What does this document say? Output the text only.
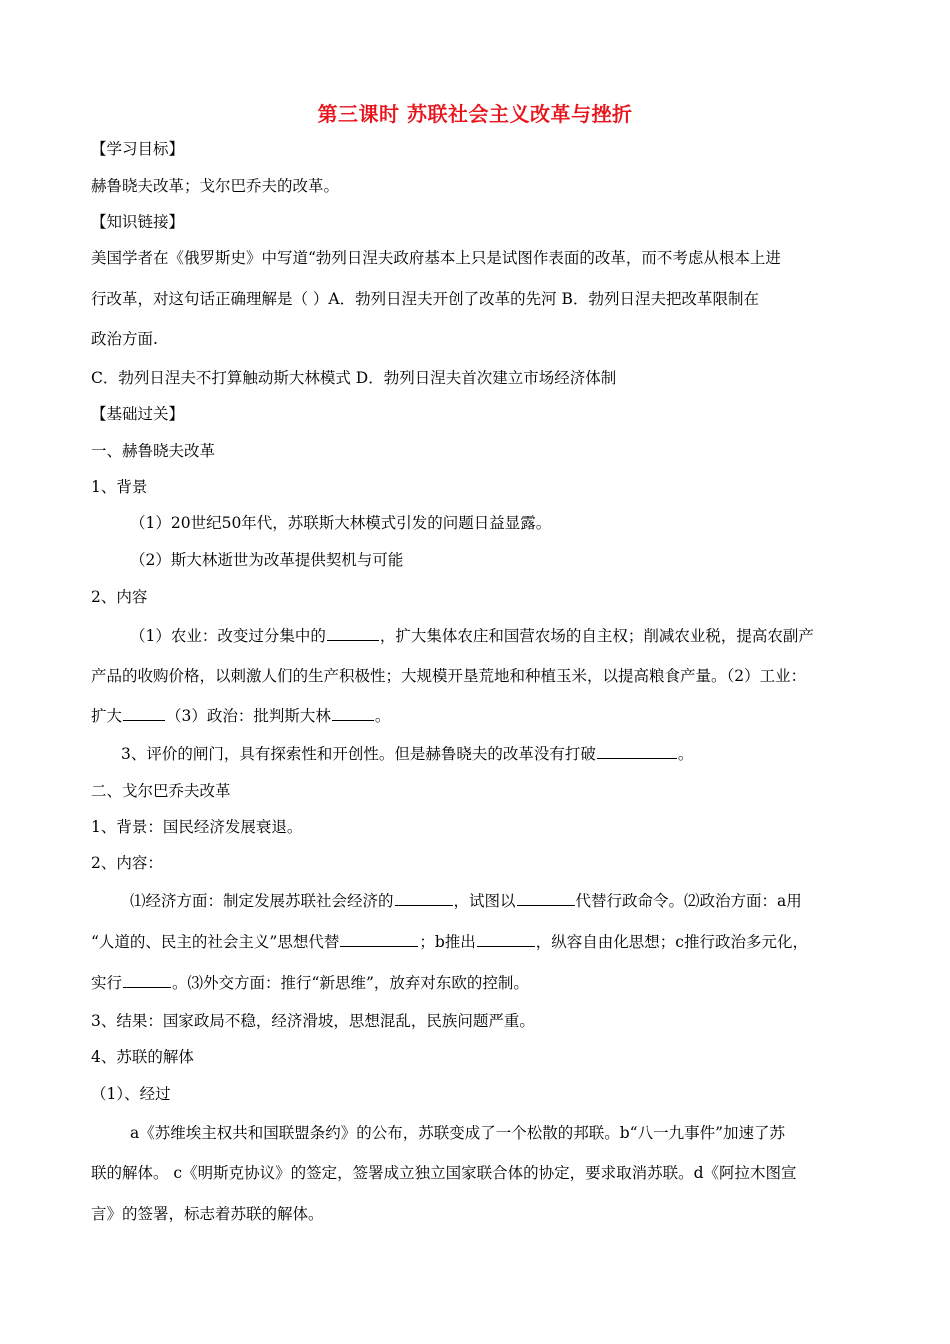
第三课时 苏联社会主义改革与挫折
【学习目标】
赫鲁晓夫改革；戈尔巴乔夫的改革。
【知识链接】
美国学者在《俄罗斯史》中写道“勃列日涅夫政府基本上只是试图作表面的改革，而不考虑从根本上进
行改革，对这句话正确理解是（ ）A．勃列日涅夫开创了改革的先河 B．勃列日涅夫把改革限制在
政治方面.
C．勃列日涅夫不打算触动斯大林模式 D．勃列日涅夫首次建立市场经济体制
【基础过关】
一、赫鲁晓夫改革
1、背景
（1）20世纪50年代，苏联斯大林模式引发的问题日益显露。
（2）斯大林逝世为改革提供契机与可能
2、内容
（1）农业：改变过分集中的	，扩大集体农庄和国营农场的自主权；削减农业税，提高农副产
产品的收购价格，以刺激人们的生产积极性；大规模开垦荒地和种植玉米，以提高粮食产量。（2）工业：
扩大	（3）政治：批判斯大林	。
3、评价的闸门，具有探索性和开创性。但是赫鲁晓夫的改革没有打破	。
二、戈尔巴乔夫改革
1、背景：国民经济发展衰退。
2、内容：
⑴经济方面：制定发展苏联社会经济的	，试图以	代替行政命令。⑵政治方面：a用
“人道的、民主的社会主义”思想代替	；b推出	，纵容自由化思想；c推行政治多元化，
实行	。⑶外交方面：推行“新思维”，放弃对东欧的控制。
3、结果：国家政局不稳，经济滑坡，思想混乱，民族问题严重。
4、苏联的解体
（1）、经过
a《苏维埃主权共和国联盟条约》的公布，苏联变成了一个松散的邦联。b“八一九事件”加速了苏
联的解体。 c《明斯克协议》的签定，签署成立独立国家联合体的协定，要求取消苏联。d《阿拉木图宣
言》的签署，标志着苏联的解体。
